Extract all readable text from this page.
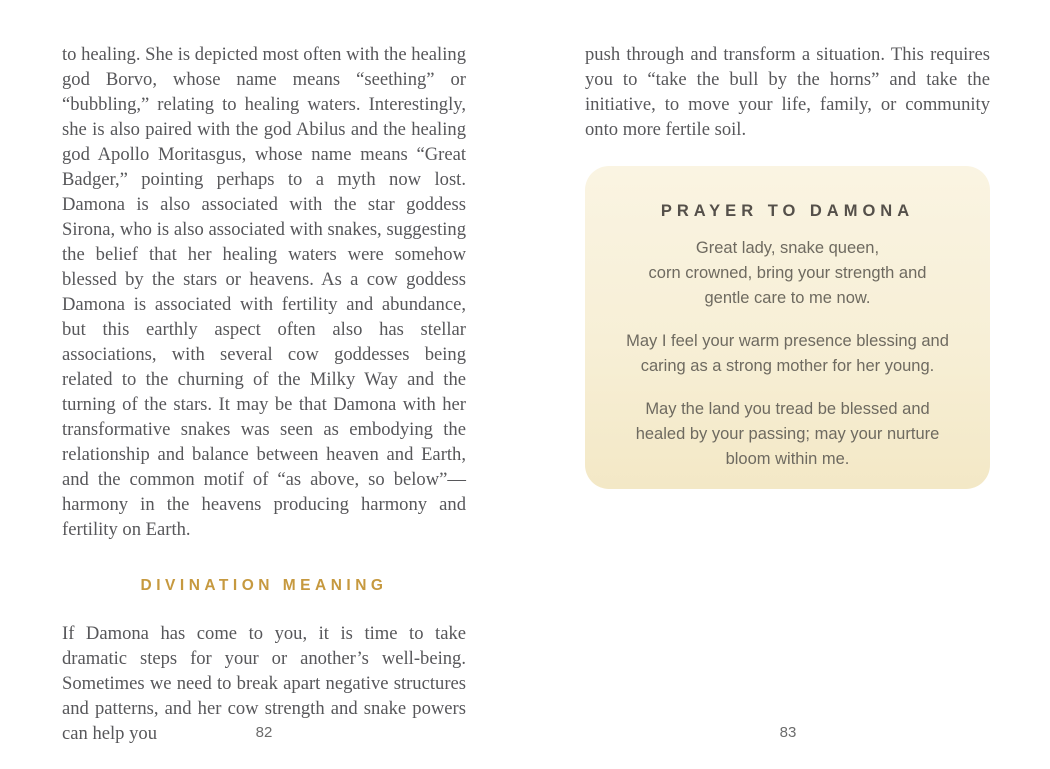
to healing. She is depicted most often with the healing god Borvo, whose name means “seething” or “bubbling,” relating to healing waters. Interestingly, she is also paired with the god Abilus and the healing god Apollo Moritasgus, whose name means “Great Badger,” pointing perhaps to a myth now lost. Damona is also associated with the star goddess Sirona, who is also associated with snakes, suggesting the belief that her healing waters were somehow blessed by the stars or heavens. As a cow goddess Damona is associated with fertility and abundance, but this earthly aspect often also has stellar associations, with several cow goddesses being related to the churning of the Milky Way and the turning of the stars. It may be that Damona with her transformative snakes was seen as embodying the relationship and balance between heaven and Earth, and the common motif of “as above, so below”—harmony in the heavens producing harmony and fertility on Earth.

DIVINATION MEANING

If Damona has come to you, it is time to take dramatic steps for your or another’s well-being. Sometimes we need to break apart negative structures and patterns, and her cow strength and snake powers can help you

push through and transform a situation. This requires you to “take the bull by the horns” and take the initiative, to move your life, family, or community onto more fertile soil.

PRAYER TO DAMONA

Great lady, snake queen,
corn crowned, bring your strength and
gentle care to me now.

May I feel your warm presence blessing and
caring as a strong mother for her young.

May the land you tread be blessed and
healed by your passing; may your nurture
bloom within me.

82	83
